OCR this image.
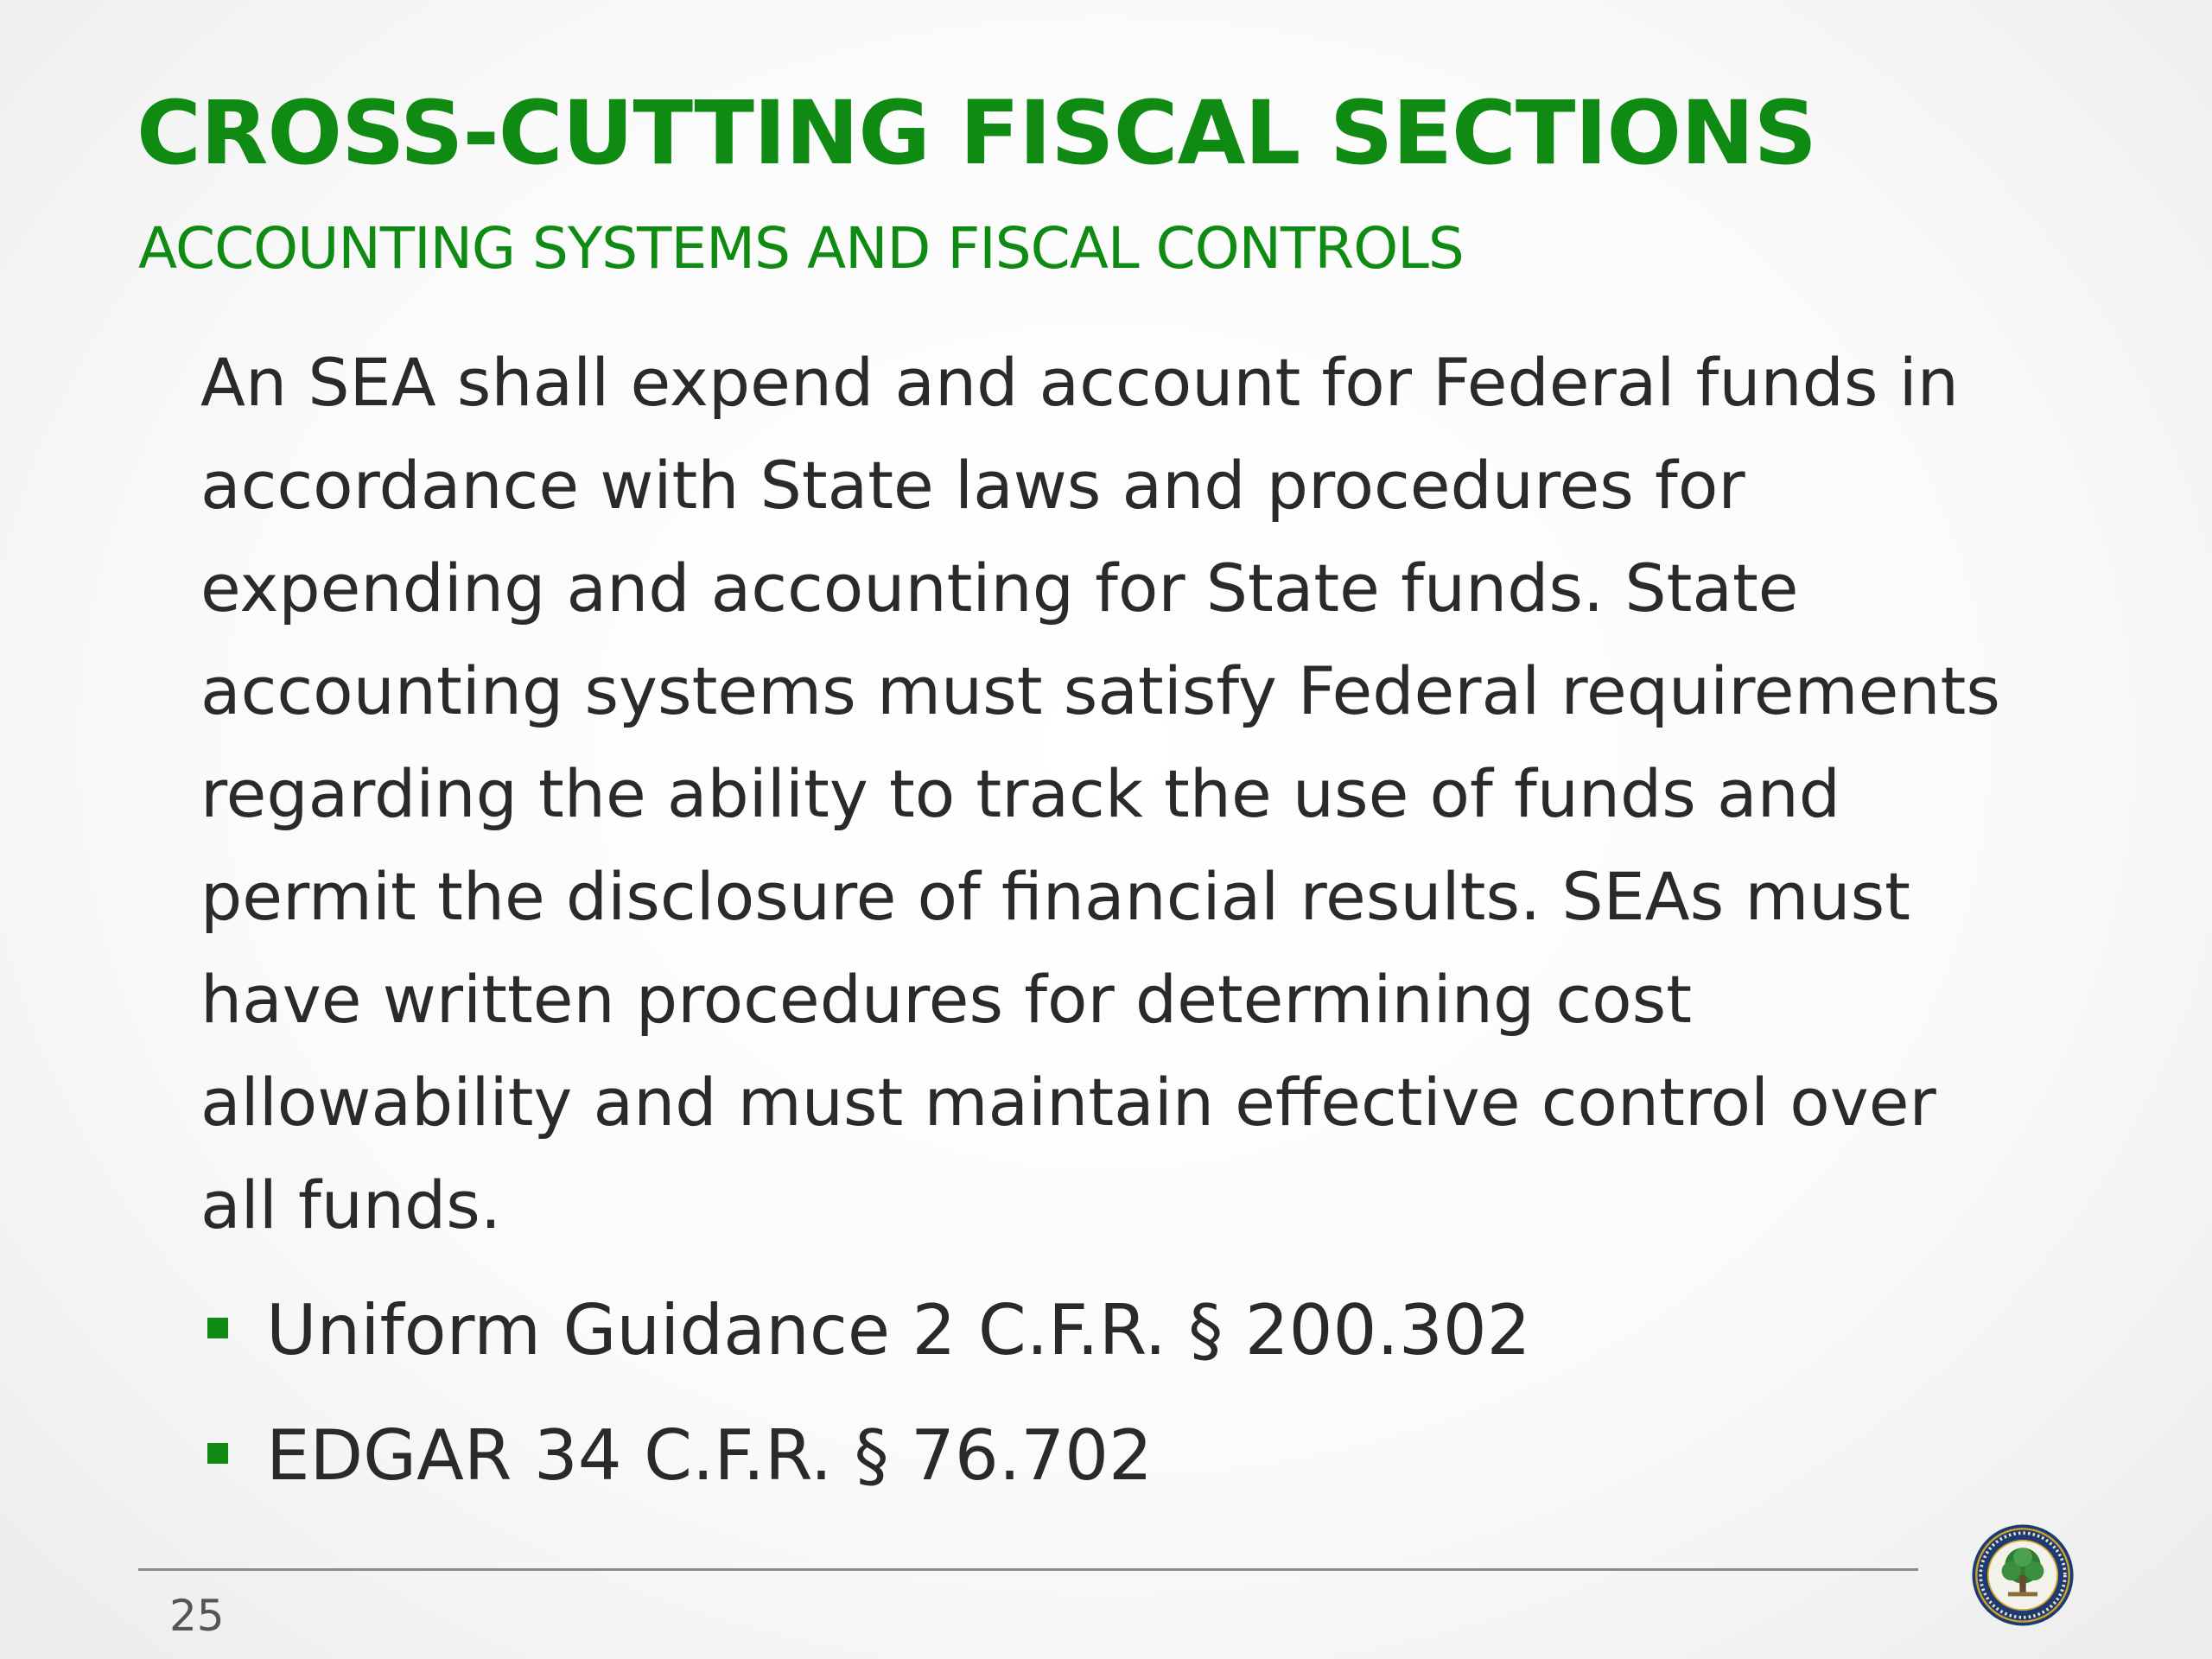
CROSS-CUTTING FISCAL SECTIONS
ACCOUNTING SYSTEMS AND FISCAL CONTROLS
An SEA shall expend and account for Federal funds in
accordance with State laws and procedures for
expending and accounting for State funds. State
accounting systems must satisfy Federal requirements
regarding the ability to track the use of funds and
permit the disclosure of financial results. SEAs must
have written procedures for determining cost
allowability and must maintain effective control over
all funds.
Uniform Guidance 2 C.F.R. § 200.302
EDGAR 34 C.F.R. § 76.702
25
